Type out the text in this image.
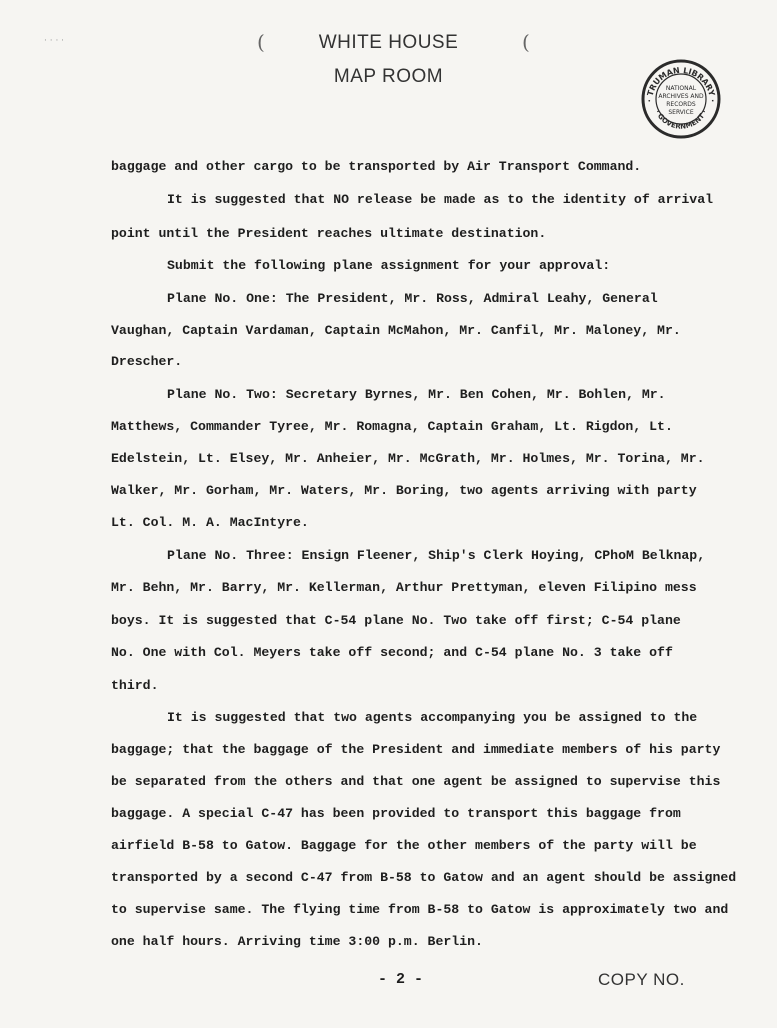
· ‧ · ·	(	(
WHITE HOUSE
MAP ROOM
· TRUMAN LIBRARY ·
· GOVERNMENT ·
NATIONAL
ARCHIVES AND
RECORDS
SERVICE
baggage and other cargo to be transported by Air Transport Command.
It is suggested that NO release be made as to the identity of arrival
point until the President reaches ultimate destination.
Submit the following plane assignment for your approval:
Plane No. One: The President, Mr. Ross, Admiral Leahy, General
Vaughan, Captain Vardaman, Captain McMahon, Mr. Canfil, Mr. Maloney, Mr.
Drescher.
Plane No. Two: Secretary Byrnes, Mr. Ben Cohen, Mr. Bohlen, Mr.
Matthews, Commander Tyree, Mr. Romagna, Captain Graham, Lt. Rigdon, Lt.
Edelstein, Lt. Elsey, Mr. Anheier, Mr. McGrath, Mr. Holmes, Mr. Torina, Mr.
Walker, Mr. Gorham, Mr. Waters, Mr. Boring, two agents arriving with party
Lt. Col. M. A. MacIntyre.
Plane No. Three: Ensign Fleener, Ship's Clerk Hoying, CPhoM Belknap,
Mr. Behn, Mr. Barry, Mr. Kellerman, Arthur Prettyman, eleven Filipino mess
boys. It is suggested that C-54 plane No. Two take off first; C-54 plane
No. One with Col. Meyers take off second; and C-54 plane No. 3 take off
third.
It is suggested that two agents accompanying you be assigned to the
baggage; that the baggage of the President and immediate members of his party
be separated from the others and that one agent be assigned to supervise this
baggage. A special C-47 has been provided to transport this baggage from
airfield B-58 to Gatow. Baggage for the other members of the party will be
transported by a second C-47 from B-58 to Gatow and an agent should be assigned
to supervise same. The flying time from B-58 to Gatow is approximately two and
one half hours. Arriving time 3:00 p.m. Berlin.
- 2 -	COPY NO.
